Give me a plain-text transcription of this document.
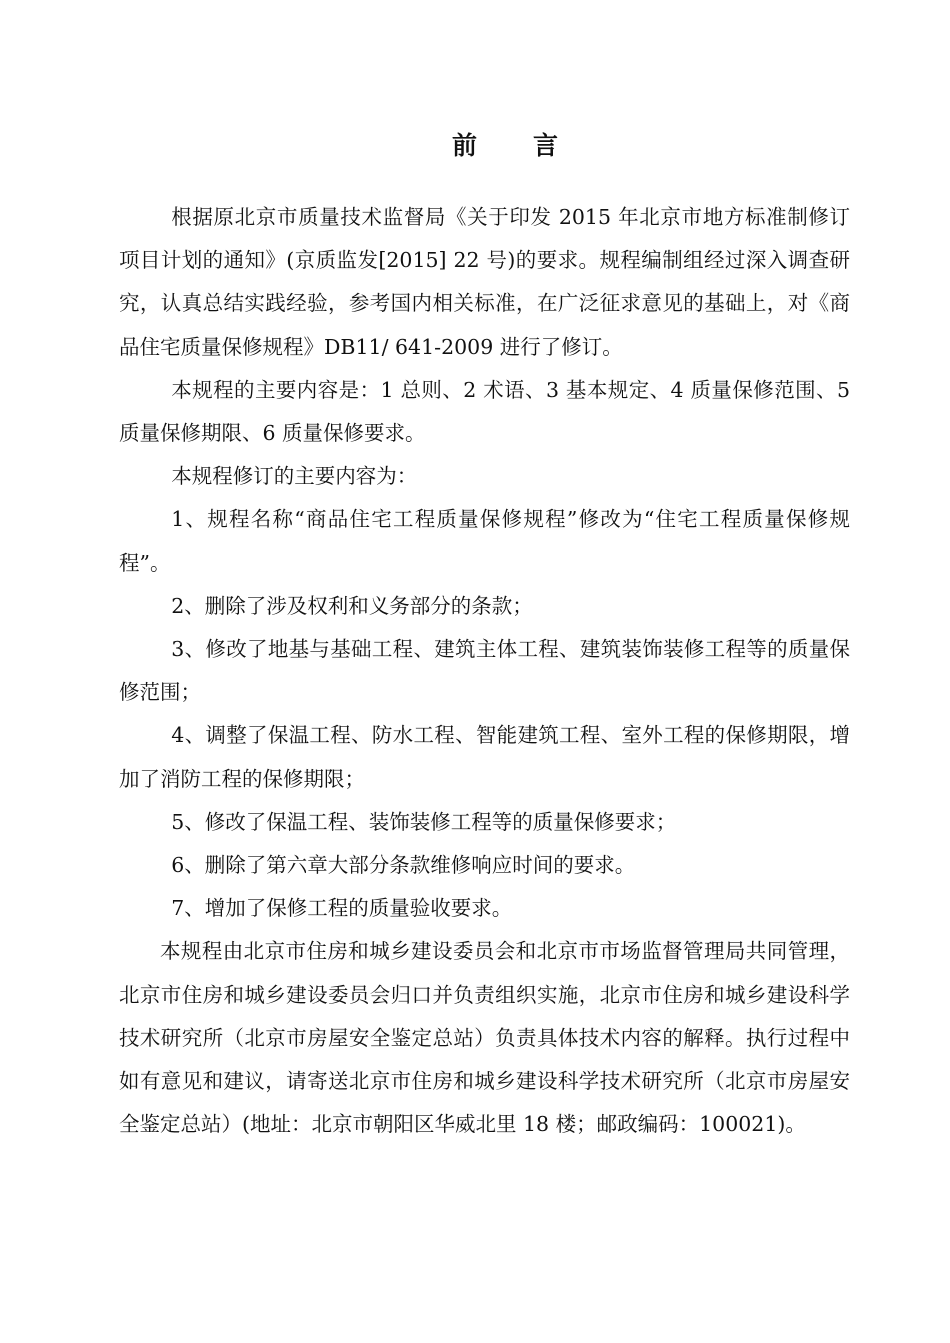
前 言

根据原北京市质量技术监督局《关于印发 2015 年北京市地方标准制修订项目计划的通知》(京质监发[2015] 22 号)的要求。规程编制组经过深入调查研究，认真总结实践经验，参考国内相关标准，在广泛征求意见的基础上，对《商品住宅质量保修规程》DB11/ 641-2009 进行了修订。

本规程的主要内容是：1 总则、2 术语、3 基本规定、4 质量保修范围、5 质量保修期限、6 质量保修要求。

本规程修订的主要内容为：

1、规程名称“商品住宅工程质量保修规程”修改为“住宅工程质量保修规程”。

2、删除了涉及权利和义务部分的条款；

3、修改了地基与基础工程、建筑主体工程、建筑装饰装修工程等的质量保修范围；

4、调整了保温工程、防水工程、智能建筑工程、室外工程的保修期限，增加了消防工程的保修期限；

5、修改了保温工程、装饰装修工程等的质量保修要求；

6、删除了第六章大部分条款维修响应时间的要求。

7、增加了保修工程的质量验收要求。

本规程由北京市住房和城乡建设委员会和北京市市场监督管理局共同管理，北京市住房和城乡建设委员会归口并负责组织实施，北京市住房和城乡建设科学技术研究所（北京市房屋安全鉴定总站）负责具体技术内容的解释。执行过程中如有意见和建议，请寄送北京市住房和城乡建设科学技术研究所（北京市房屋安全鉴定总站）(地址：北京市朝阳区华威北里 18 楼；邮政编码：100021)。
